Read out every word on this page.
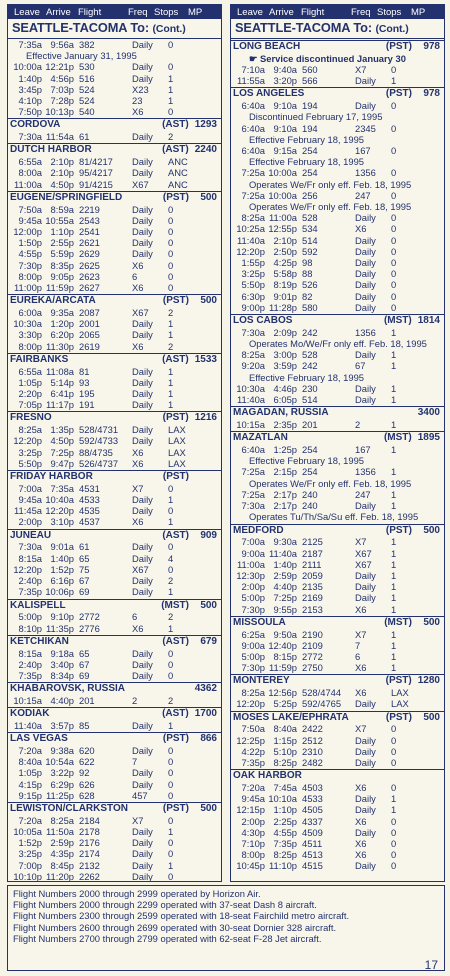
Leave Arrive Flight	Freq Stops	MP
SEATTLE-TACOMA To: (Cont.)
7:35a 9:56a 382	Daily	0
Effective January 31, 1995
10:00a 12:21p 530	Daily	0
1:40p 4:56p 516	Daily	1
3:45p 7:03p 524	X23	1
4:10p 7:28p 524	23	1
7:50p 10:13p 540	X6	0
CORDOVA	(AST) 1293
7:30a 11:54a 61	Daily	2
DUTCH HARBOR	(AST) 2240
6:55a 2:10p 81/4217	Daily	ANC
8:00a 2:10p 95/4217	Daily	ANC
11:00a 4:50p 91/4215	X67	ANC
EUGENE/SPRINGFIELD	(PST)	500
7:50a 8:59a 2219	Daily	0
9:45a 10:55a 2543	Daily	0
12:00p 1:10p 2541	Daily	0
1:50p 2:55p 2621	Daily	0
4:55p 5:59p 2629	Daily	0
7:30p 8:35p 2625	X6	0
8:00p 9:05p 2623	6	0
11:00p 11:59p 2627	X6	0
EUREKA/ARCATA	(PST)	500
6:00a 9:35a 2087	X67	2
10:30a 1:20p 2001	Daily	1
3:30p 6:20p 2065	Daily	1
8:00p 11:30p 2619	X6	2
FAIRBANKS	(AST) 1533
6:55a 11:08a 81	Daily	1
1:05p 5:14p 93	Daily	1
2:20p 6:41p 195	Daily	1
7:05p 11:17p 191	Daily	1
FRESNO	(PST) 1216
8:25a 1:35p 528/4731	Daily	LAX
12:20p 4:50p 592/4733	Daily	LAX
3:25p 7:25p 88/4735	X6	LAX
5:50p 9:47p 526/4737	X6	LAX
FRIDAY HARBOR	(PST)
7:00a 7:35a 4531	X7	0
9:45a 10:40a 4533	Daily	1
11:45a 12:20p 4535	Daily	0
2:00p 3:10p 4537	X6	1
JUNEAU	(AST)	909
7:30a 9:01a 61	Daily	0
8:15a 1:40p 65	Daily	4
12:20p 1:52p 75	X67	0
2:40p 6:16p 67	Daily	2
7:35p 10:06p 69	Daily	1
KALISPELL	(MST)	500
5:00p 9:10p 2772	6	2
8:10p 11:35p 2776	X6	1
KETCHIKAN	(AST)	679
8:15a 9:18a 65	Daily	0
2:40p 3:40p 67	Daily	0
7:35p 8:34p 69	Daily	0
KHABAROVSK, RUSSIA	4362
10:15a 4:40p 201	2	2
KODIAK	(AST) 1700
11:40a 3:57p 85	Daily	1
LAS VEGAS	(PST)	866
7:20a 9:38a 620	Daily	0
8:40a 10:54a 622	7	0
1:05p 3:22p 92	Daily	0
4:15p 6:29p 626	Daily	0
9:15p 11:25p 628	457	0
LEWISTON/CLARKSTON	(PST)	500
7:20a 8:25a 2184	X7	0
10:05a 11:50a 2178	Daily	1
1:52p 2:59p 2176	Daily	0
3:25p 4:35p 2174	Daily	0
7:00p 8:45p 2132	Daily	1
10:10p 11:20p 2262	Daily	0
Leave Arrive Flight	Freq Stops	MP
SEATTLE-TACOMA To: (Cont.)
LONG BEACH	(PST)	978
☛ Service discontinued January 30
7:10a 9:40a 560	X7	0
11:55a 3:20p 566	Daily	1
LOS ANGELES	(PST)	978
6:40a 9:10a 194	Daily	0
Discontinued February 17, 1995
6:40a 9:10a 194	2345	0
Effective February 18, 1995
6:40a 9:15a 254	167	0
Effective February 18, 1995
7:25a 10:00a 254	1356	0
Operates We/Fr only eff. Feb. 18, 1995
7:25a 10:00a 256	247	0
Operates We/Fr only eff. Feb. 18, 1995
8:25a 11:00a 528	Daily	0
10:25a 12:55p 534	X6	0
11:40a 2:10p 514	Daily	0
12:20p 2:50p 592	Daily	0
1:55p 4:25p 98	Daily	0
3:25p 5:58p 88	Daily	0
5:50p 8:19p 526	Daily	0
6:30p 9:01p 82	Daily	0
9:00p 11:28p 580	Daily	0
LOS CABOS	(MST) 1814
7:30a 2:09p 242	1356	1
Operates Mo/We/Fr only eff. Feb. 18, 1995
8:25a 3:00p 528	Daily	1
9:20a 3:59p 242	67	1
Effective February 18, 1995
10:30a 4:46p 230	Daily	1
11:40a 6:05p 514	Daily	1
MAGADAN, RUSSIA	3400
10:15a 2:35p 201	2	1
MAZATLAN	(MST) 1895
6:40a 1:25p 254	167	1
Effective February 18, 1995
7:25a 2:15p 254	1356	1
Operates We/Fr only eff. Feb. 18, 1995
7:25a 2:17p 240	247	1
7:30a 2:17p 240	Daily	1
Operates Tu/Th/Sa/Su eff. Feb. 18, 1995
MEDFORD	(PST)	500
7:00a 9:30a 2125	X7	1
9:00a 11:40a 2187	X67	1
11:00a 1:40p 2111	X67	1
12:30p 2:59p 2059	Daily	1
2:00p 4:40p 2135	Daily	1
5:00p 7:25p 2169	Daily	1
7:30p 9:55p 2153	X6	1
MISSOULA	(MST)	500
6:25a 9:50a 2190	X7	1
9:00a 12:40p 2109	7	1
5:00p 8:15p 2772	6	1
7:30p 11:59p 2750	X6	1
MONTEREY	(PST) 1280
8:25a 12:56p 528/4744	X6	LAX
12:20p 5:25p 592/4765	Daily	LAX
MOSES LAKE/EPHRATA	(PST)	500
7:50a 8:40a 2422	X7	0
12:25p 1:15p 2512	Daily	0
4:22p 5:10p 2310	Daily	0
7:35p 8:25p 2482	Daily	0
OAK HARBOR
7:20a 7:45a 4503	X6	0
9:45a 10:10a 4533	Daily	1
12:15p 1:10p 4505	Daily	1
2:00p 2:25p 4337	X6	0
4:30p 4:55p 4509	Daily	0
7:10p 7:35p 4511	X6	0
8:00p 8:25p 4513	X6	0
10:45p 11:10p 4515	Daily	0
Flight Numbers 2000 through 2999 operated by Horizon Air.
Flight Numbers 2000 through 2299 operated with 37-seat Dash 8 aircraft.
Flight Numbers 2300 through 2599 operated with 18-seat Fairchild metro aircraft.
Flight Numbers 2600 through 2699 operated with 30-seat Dornier 328 aircraft.
Flight Numbers 2700 through 2799 operated with 62-seat F-28 Jet aircraft.
17
